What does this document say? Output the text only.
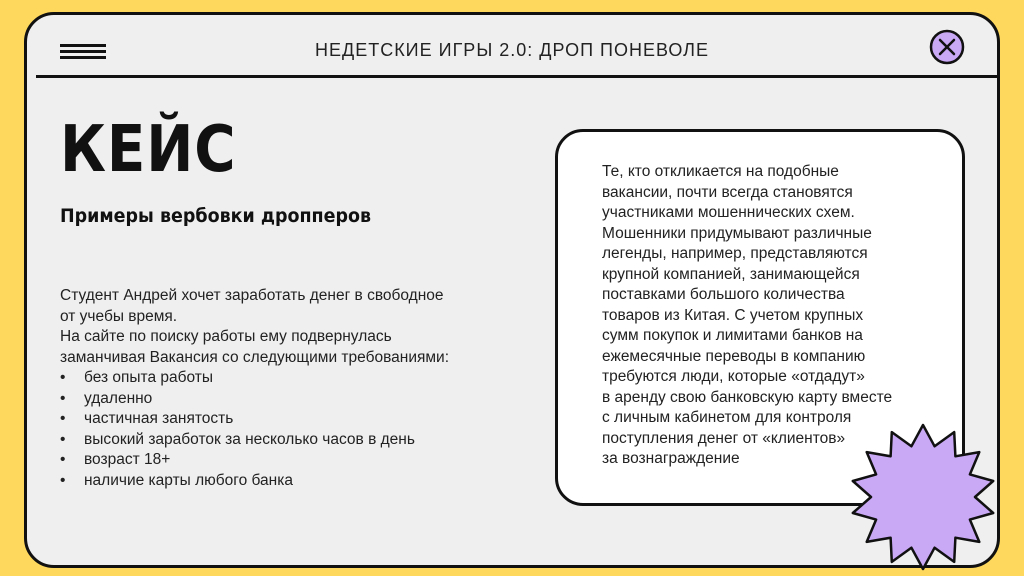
НЕДЕТСКИЕ ИГРЫ 2.0: ДРОП ПОНЕВОЛЕ
КЕЙС
Примеры вербовки дропперов

Студент Андрей хочет заработать денег в свободное

от учебы время.

На сайте по поиску работы ему подвернулась

заманчивая Вакансия со следующими требованиями:

• без опыта работы
• удаленно
• частичная занятость
• высокий заработок за несколько часов в день
• возраст 18+
• наличие карты любого банка

Те, кто откликается на подобные

вакансии, почти всегда становятся

участниками мошеннических схем.

Мошенники придумывают различные

легенды, например, представляются

крупной компанией, занимающейся

поставками большого количества

товаров из Китая. С учетом крупных

сумм покупок и лимитами банков на

ежемесячные переводы в компанию

требуются люди, которые «отдадут»

в аренду свою банковскую карту вместе

с личным кабинетом для контроля

поступления денег от «клиентов»

за вознаграждение
